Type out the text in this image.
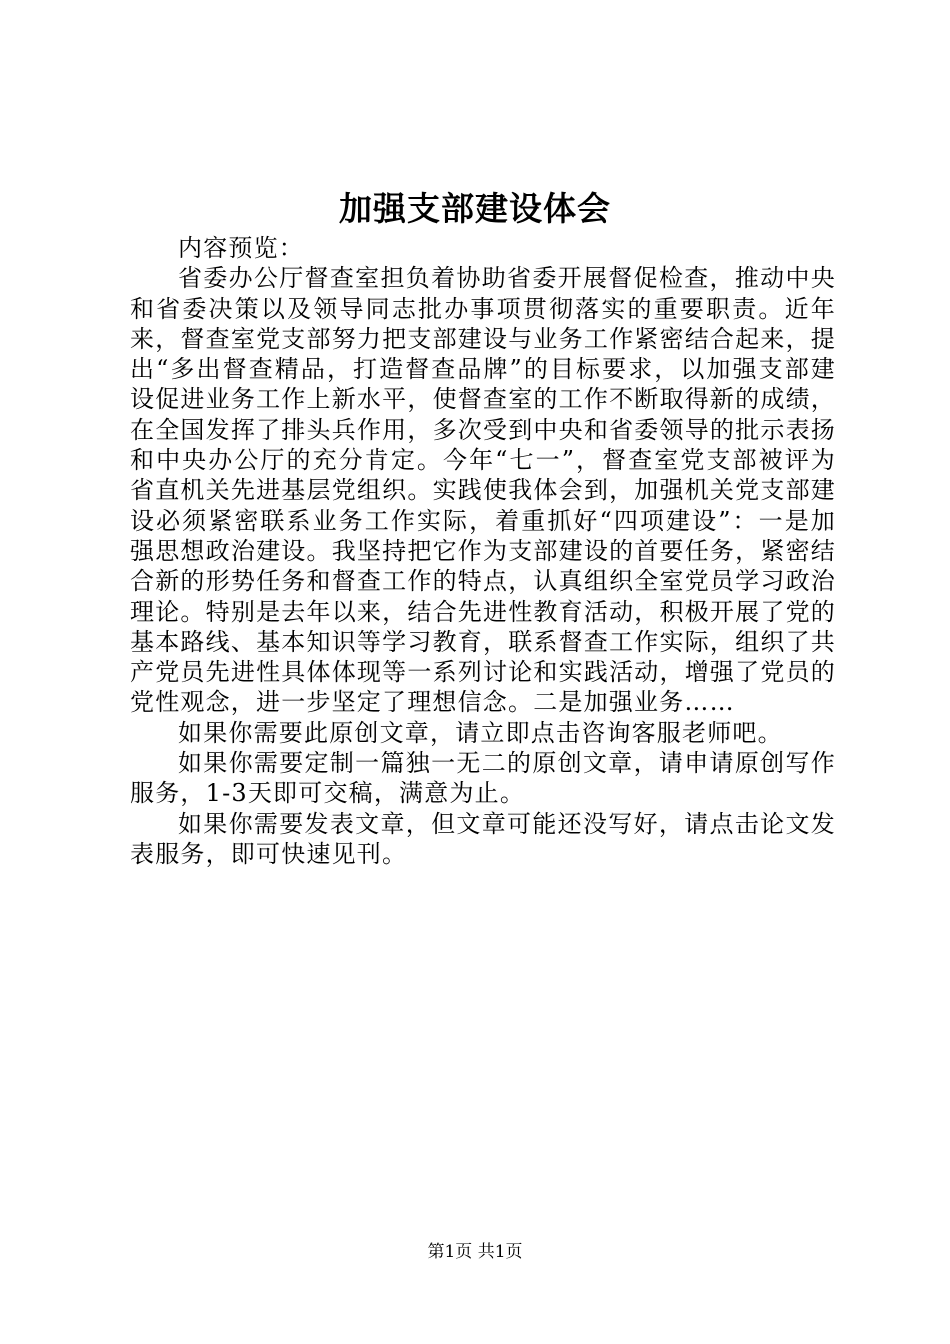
加强支部建设体会

内容预览：

省委办公厅督查室担负着协助省委开展督促检查，推动中央和省委决策以及领导同志批办事项贯彻落实的重要职责。近年来，督查室党支部努力把支部建设与业务工作紧密结合起来，提出“多出督查精品，打造督查品牌”的目标要求，以加强支部建设促进业务工作上新水平，使督查室的工作不断取得新的成绩，在全国发挥了排头兵作用，多次受到中央和省委领导的批示表扬和中央办公厅的充分肯定。今年“七一”，督查室党支部被评为省直机关先进基层党组织。实践使我体会到，加强机关党支部建设必须紧密联系业务工作实际，着重抓好“四项建设”：一是加强思想政治建设。我坚持把它作为支部建设的首要任务，紧密结合新的形势任务和督查工作的特点，认真组织全室党员学习政治理论。特别是去年以来，结合先进性教育活动，积极开展了党的基本路线、基本知识等学习教育，联系督查工作实际，组织了共产党员先进性具体体现等一系列讨论和实践活动，增强了党员的党性观念，进一步坚定了理想信念。二是加强业务……

如果你需要此原创文章，请立即点击咨询客服老师吧。

如果你需要定制一篇独一无二的原创文章，请申请原创写作服务，1-3天即可交稿，满意为止。

如果你需要发表文章，但文章可能还没写好，请点击论文发表服务，即可快速见刊。

第1页 共1页
